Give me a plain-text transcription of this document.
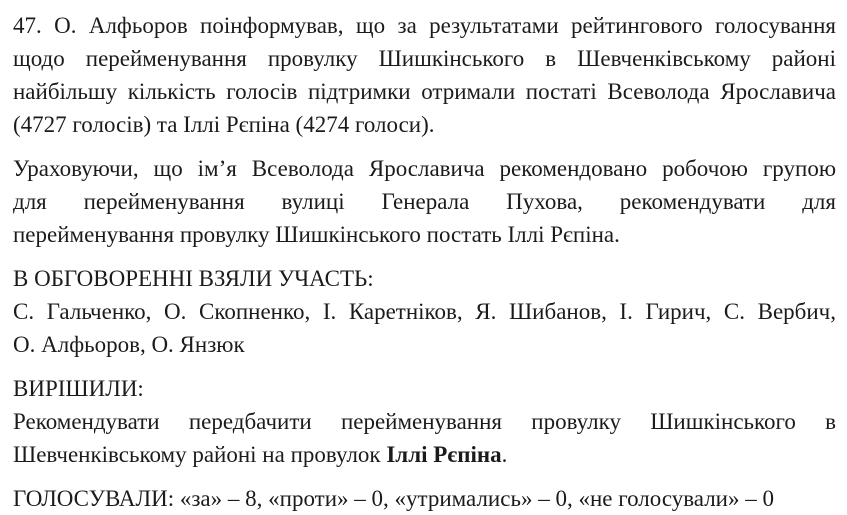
47. О. Алфьоров поінформував, що за результатами рейтингового голосування
щодо перейменування провулку Шишкінського в Шевченківському районі
найбільшу кількість голосів підтримки отримали постаті Всеволода Ярославича
(4727 голосів) та Іллі Рєпіна (4274 голоси).
Ураховуючи, що ім’я Всеволода Ярославича рекомендовано робочою групою
для перейменування вулиці Генерала Пухова, рекомендувати для
перейменування провулку Шишкінського постать Іллі Рєпіна.
В ОБГОВОРЕННІ ВЗЯЛИ УЧАСТЬ:
С. Гальченко, О. Скопненко, І. Каретніков, Я. Шибанов, І. Гирич, С. Вербич,
О. Алфьоров, О. Янзюк
ВИРІШИЛИ:
Рекомендувати передбачити перейменування провулку Шишкінського в
Шевченківському районі на провулок Іллі Рєпіна.
ГОЛОСУВАЛИ: «за» – 8, «проти» – 0, «утримались» – 0, «не голосували» – 0
